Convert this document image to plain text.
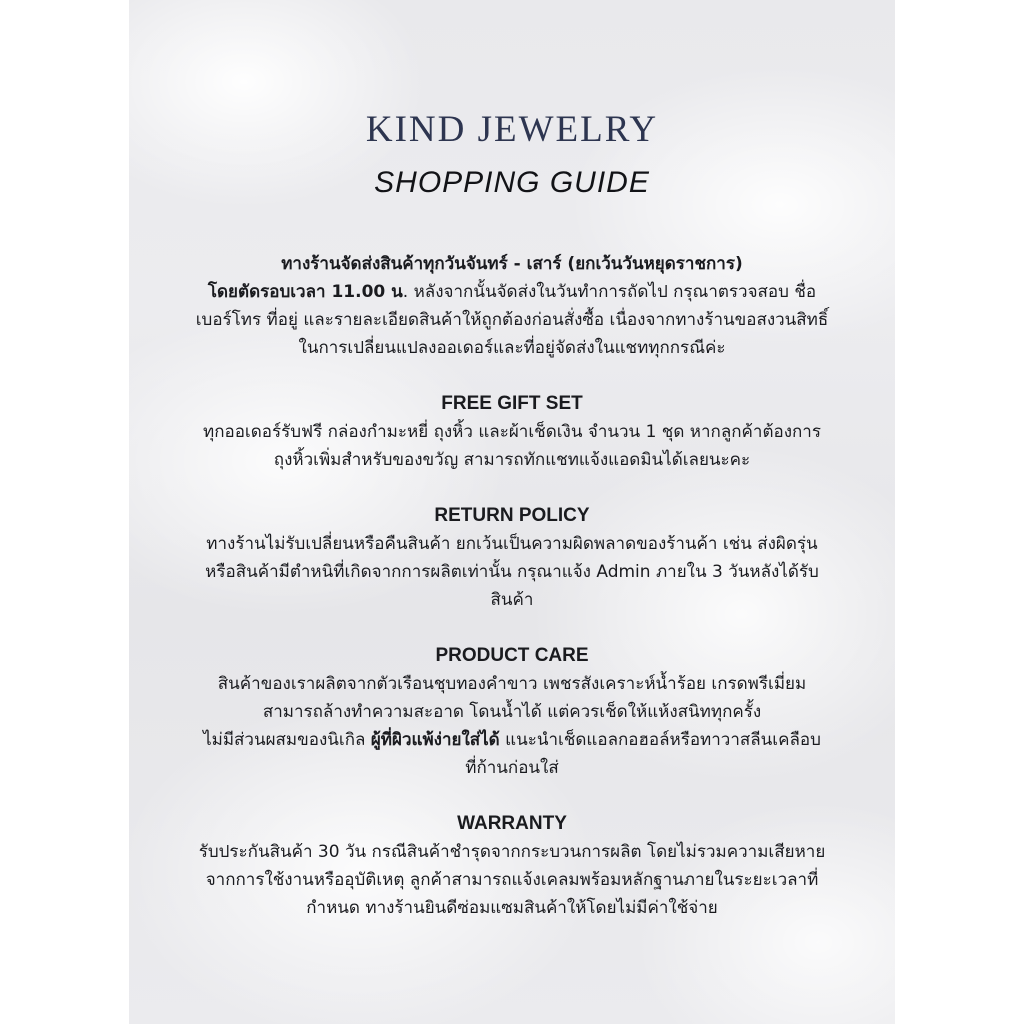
KIND JEWELRY
SHOPPING GUIDE
ทางร้านจัดส่งสินค้าทุกวันจันทร์ - เสาร์ (ยกเว้นวันหยุดราชการ)
โดยตัดรอบเวลา 11.00 น. หลังจากนั้นจัดส่งในวันทำการถัดไป กรุณาตรวจสอบ ชื่อ
เบอร์โทร ที่อยู่ และรายละเอียดสินค้าให้ถูกต้องก่อนสั่งซื้อ เนื่องจากทางร้านขอสงวนสิทธิ์
ในการเปลี่ยนแปลงออเดอร์และที่อยู่จัดส่งในแชททุกกรณีค่ะ
FREE GIFT SET
ทุกออเดอร์รับฟรี กล่องกำมะหยี่ ถุงหิ้ว และผ้าเช็ดเงิน จำนวน 1 ชุด หากลูกค้าต้องการ
ถุงหิ้วเพิ่มสำหรับของขวัญ สามารถทักแชทแจ้งแอดมินได้เลยนะคะ
RETURN POLICY
ทางร้านไม่รับเปลี่ยนหรือคืนสินค้า ยกเว้นเป็นความผิดพลาดของร้านค้า เช่น ส่งผิดรุ่น
หรือสินค้ามีตำหนิที่เกิดจากการผลิตเท่านั้น กรุณาแจ้ง Admin ภายใน 3 วันหลังได้รับ
สินค้า
PRODUCT CARE
สินค้าของเราผลิตจากตัวเรือนชุบทองคำขาว เพชรสังเคราะห์น้ำร้อย เกรดพรีเมี่ยม
สามารถล้างทำความสะอาด โดนน้ำได้ แต่ควรเช็ดให้แห้งสนิททุกครั้ง
ไม่มีส่วนผสมของนิเกิล ผู้ที่ผิวแพ้ง่ายใส่ได้ แนะนำเช็ดแอลกอฮอล์หรือทาวาสลีนเคลือบ
ที่ก้านก่อนใส่
WARRANTY
รับประกันสินค้า 30 วัน กรณีสินค้าชำรุดจากกระบวนการผลิต โดยไม่รวมความเสียหาย
จากการใช้งานหรืออุบัติเหตุ ลูกค้าสามารถแจ้งเคลมพร้อมหลักฐานภายในระยะเวลาที่
กำหนด ทางร้านยินดีซ่อมแซมสินค้าให้โดยไม่มีค่าใช้จ่าย
